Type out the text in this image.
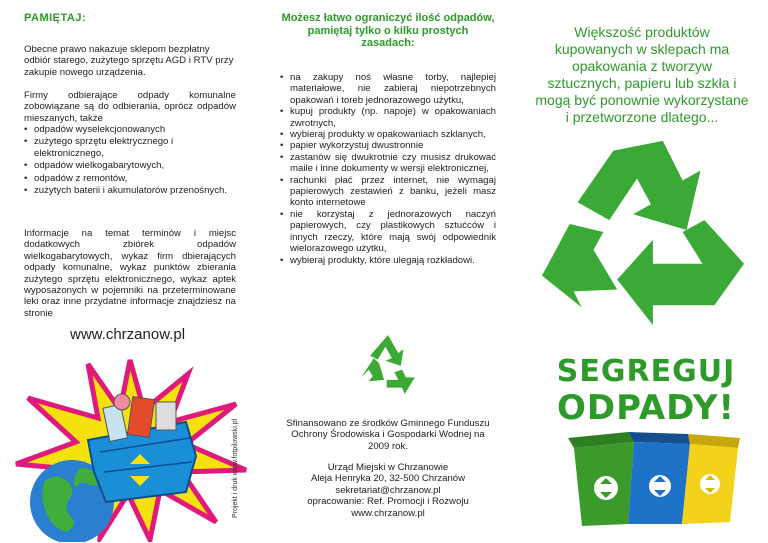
PAMIĘTAJ:

Obecne prawo nakazuje sklepom bezpłatny odbiór starego, zużytego sprzętu AGD i RTV przy zakupie nowego urządzenia.

Firmy odbierające odpady komunalne zobowiązane są do odbierania, oprócz odpadów mieszanych, także

• odpadów wyselekcjonowanych
• zużytego sprzętu elektrycznego i elektronicznego,
• odpadów wielkogabarytowych,
• odpadów z remontów,
• zużytych baterii i akumulatorów przenośnych.

Informacje na temat terminów i miejsc dodatkowych zbiórek odpadów wielkogabarytowych, wykaz firm dbierających odpady komunalne, wykaz punktów zbierania zużytego sprzętu elektronicznego, wykaz aptek wyposażonych w pojemniki na przeterminowane leki oraz inne przydatne informacje znajdziesz na stronie

www.chrzanow.pl
Projekt i druk www.fotpilowski.pl
Możesz łatwo ograniczyć ilość odpadów, pamiętaj tylko o kilku prostych zasadach:
• na zakupy noś własne torby, najlepiej materiałowe, nie zabieraj niepotrzebnych opakowań i toreb jednorazowego użytku,
• kupuj produkty (np. napoje) w opakowaniach zwrotnych,
• wybieraj produkty w opakowaniach szklanych,
• papier wykorzystuj dwustronnie
• zastanów się dwukrotnie czy musisz drukować maile i inne dokumenty w wersji elektronicznej,
• rachunki płać przez internet, nie wymagaj papierowych zestawień z banku, jeżeli masz konto internetowe
• nie korzystaj z jednorazowych naczyń papierowych, czy plastikowych sztućców i innych rzeczy, które mają swój odpowiednik wielorazowego użytku,
• wybieraj produkty, które ulegają rozkładowi.

Sfinansowano ze środków Gminnego Funduszu Ochrony Środowiska i Gospodarki Wodnej na 2009 rok.

Urząd Miejski w Chrzanowie
Aleja Henryka 20, 32-500 Chrzanów
sekretariat@chrzanow.pl
opracowanie: Ref. Promocji i Rozwoju
www.chrzanow.pl

Większość produktów kupowanych w sklepach ma opakowania z tworzyw sztucznych, papieru lub szkła i mogą być ponownie wykorzystane i przetworzone dlatego...

SEGREGUJ
ODPADY!
